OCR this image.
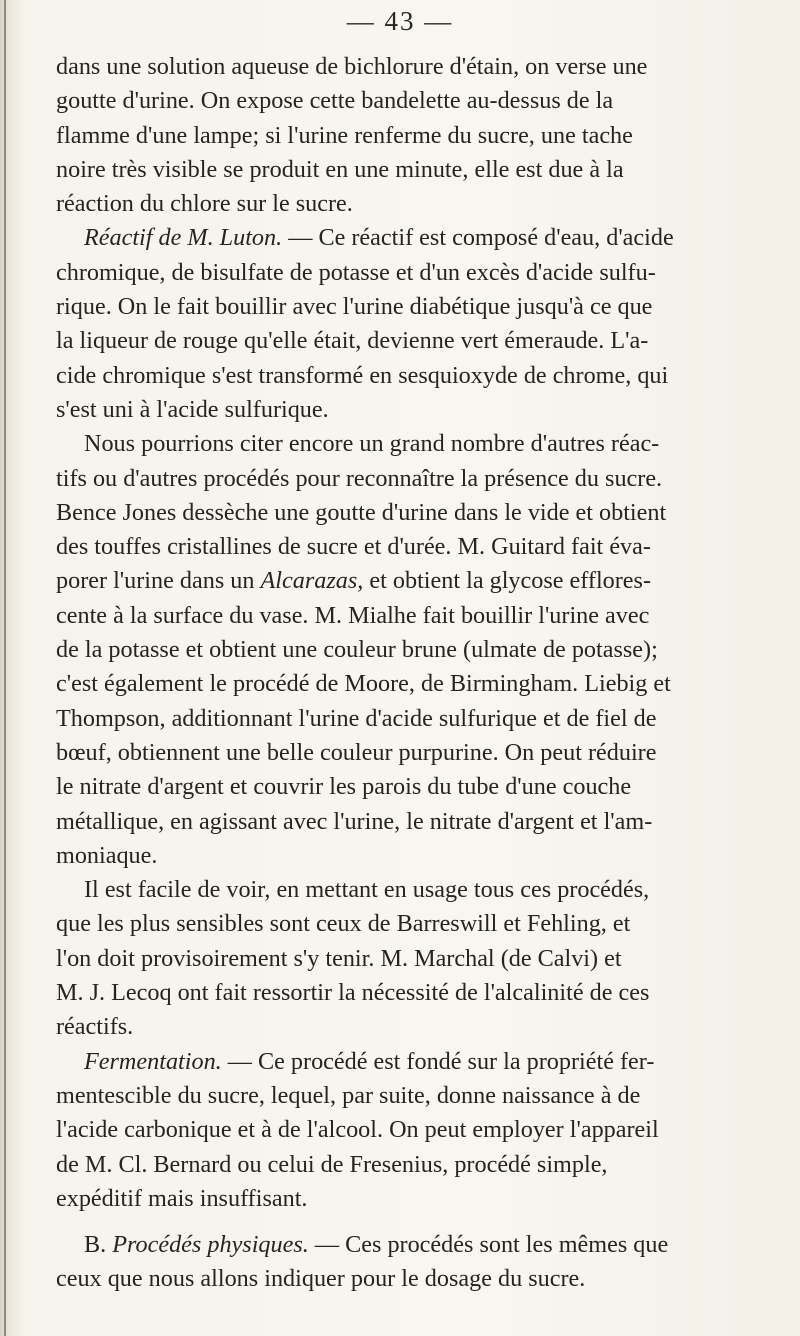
— 43 —

dans une solution aqueuse de bichlorure d'étain, on verse une
goutte d'urine. On expose cette bandelette au-dessus de la
flamme d'une lampe; si l'urine renferme du sucre, une tache
noire très visible se produit en une minute, elle est due à la
réaction du chlore sur le sucre.

Réactif de M. Luton. — Ce réactif est composé d'eau, d'acide
chromique, de bisulfate de potasse et d'un excès d'acide sulfu-
rique. On le fait bouillir avec l'urine diabétique jusqu'à ce que
la liqueur de rouge qu'elle était, devienne vert émeraude. L'a-
cide chromique s'est transformé en sesquioxyde de chrome, qui
s'est uni à l'acide sulfurique.

Nous pourrions citer encore un grand nombre d'autres réac-
tifs ou d'autres procédés pour reconnaître la présence du sucre.
Bence Jones dessèche une goutte d'urine dans le vide et obtient
des touffes cristallines de sucre et d'urée. M. Guitard fait éva-
porer l'urine dans un Alcarazas, et obtient la glycose efflores-
cente à la surface du vase. M. Mialhe fait bouillir l'urine avec
de la potasse et obtient une couleur brune (ulmate de potasse);
c'est également le procédé de Moore, de Birmingham. Liebig et
Thompson, additionnant l'urine d'acide sulfurique et de fiel de
bœuf, obtiennent une belle couleur purpurine. On peut réduire
le nitrate d'argent et couvrir les parois du tube d'une couche
métallique, en agissant avec l'urine, le nitrate d'argent et l'am-
moniaque.

Il est facile de voir, en mettant en usage tous ces procédés,
que les plus sensibles sont ceux de Barreswill et Fehling, et
l'on doit provisoirement s'y tenir. M. Marchal (de Calvi) et
M. J. Lecoq ont fait ressortir la nécessité de l'alcalinité de ces
réactifs.

Fermentation. — Ce procédé est fondé sur la propriété fer-
mentescible du sucre, lequel, par suite, donne naissance à de
l'acide carbonique et à de l'alcool. On peut employer l'appareil
de M. Cl. Bernard ou celui de Fresenius, procédé simple,
expéditif mais insuffisant.

B. Procédés physiques. — Ces procédés sont les mêmes que
ceux que nous allons indiquer pour le dosage du sucre.
